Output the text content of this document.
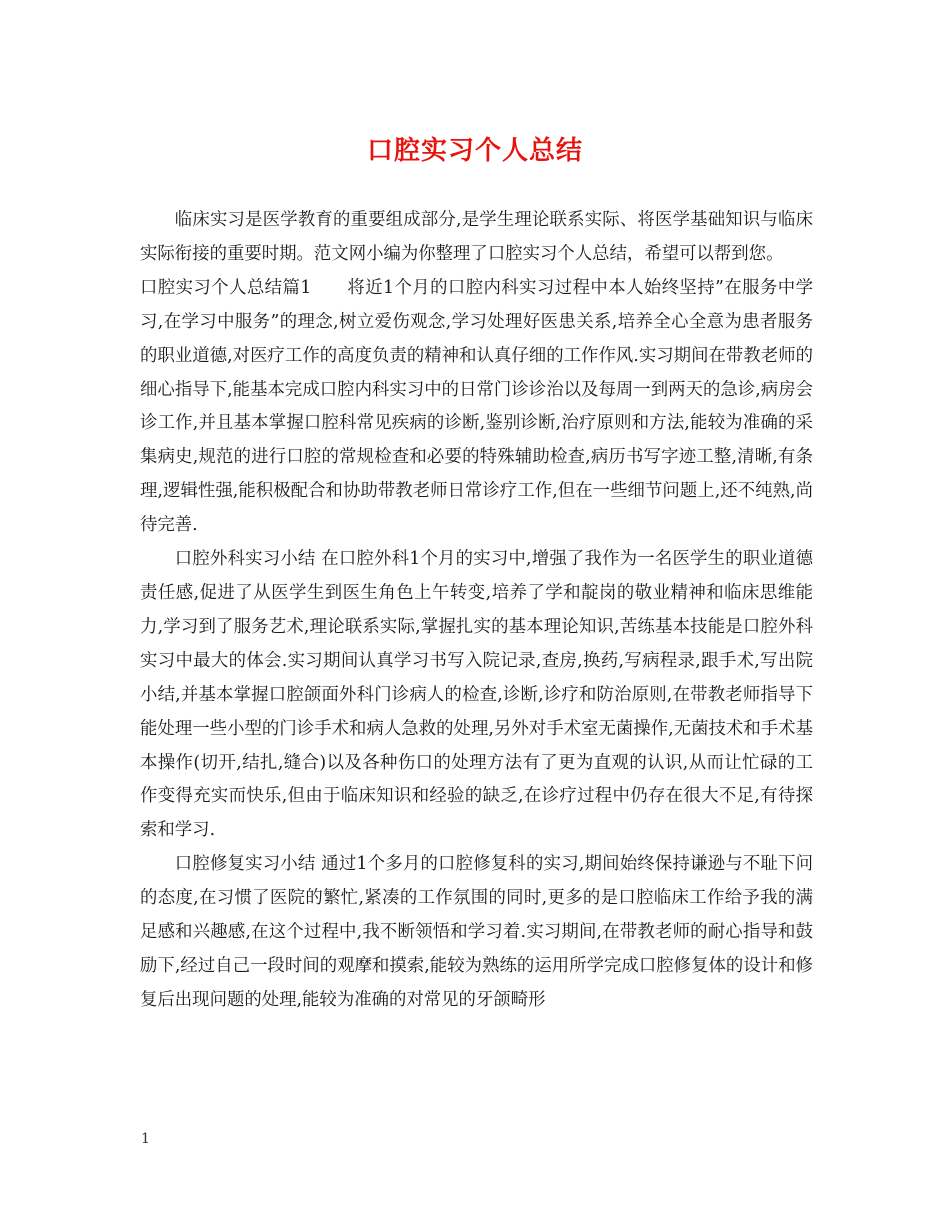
口腔实习个人总结

临床实习是医学教育的重要组成部分,是学生理论联系实际、将医学基础知识与临床实际衔接的重要时期。范文网小编为你整理了口腔实习个人总结，希望可以帮到您。

口腔实习个人总结篇1　　将近1个月的口腔内科实习过程中本人始终坚持”在服务中学习,在学习中服务”的理念,树立爱伤观念,学习处理好医患关系,培养全心全意为患者服务的职业道德,对医疗工作的高度负责的精神和认真仔细的工作作风.实习期间在带教老师的细心指导下,能基本完成口腔内科实习中的日常门诊诊治以及每周一到两天的急诊,病房会诊工作,并且基本掌握口腔科常见疾病的诊断,鉴别诊断,治疗原则和方法,能较为准确的采集病史,规范的进行口腔的常规检查和必要的特殊辅助检查,病历书写字迹工整,清晰,有条理,逻辑性强,能积极配合和协助带教老师日常诊疗工作,但在一些细节问题上,还不纯熟,尚待完善.

口腔外科实习小结 在口腔外科1个月的实习中,增强了我作为一名医学生的职业道德责任感,促进了从医学生到医生角色上午转变,培养了学和靛岗的敬业精神和临床思维能力,学习到了服务艺术,理论联系实际,掌握扎实的基本理论知识,苦练基本技能是口腔外科实习中最大的体会.实习期间认真学习书写入院记录,查房,换药,写病程录,跟手术,写出院小结,并基本掌握口腔颌面外科门诊病人的检查,诊断,诊疗和防治原则,在带教老师指导下能处理一些小型的门诊手术和病人急救的处理,另外对手术室无菌操作,无菌技术和手术基本操作(切开,结扎,缝合)以及各种伤口的处理方法有了更为直观的认识,从而让忙碌的工作变得充实而快乐,但由于临床知识和经验的缺乏,在诊疗过程中仍存在很大不足,有待探索和学习.

口腔修复实习小结 通过1个多月的口腔修复科的实习,期间始终保持谦逊与不耻下问的态度,在习惯了医院的繁忙,紧凑的工作氛围的同时,更多的是口腔临床工作给予我的满足感和兴趣感,在这个过程中,我不断领悟和学习着.实习期间,在带教老师的耐心指导和鼓励下,经过自己一段时间的观摩和摸索,能较为熟练的运用所学完成口腔修复体的设计和修复后出现问题的处理,能较为准确的对常见的牙颌畸形

1
